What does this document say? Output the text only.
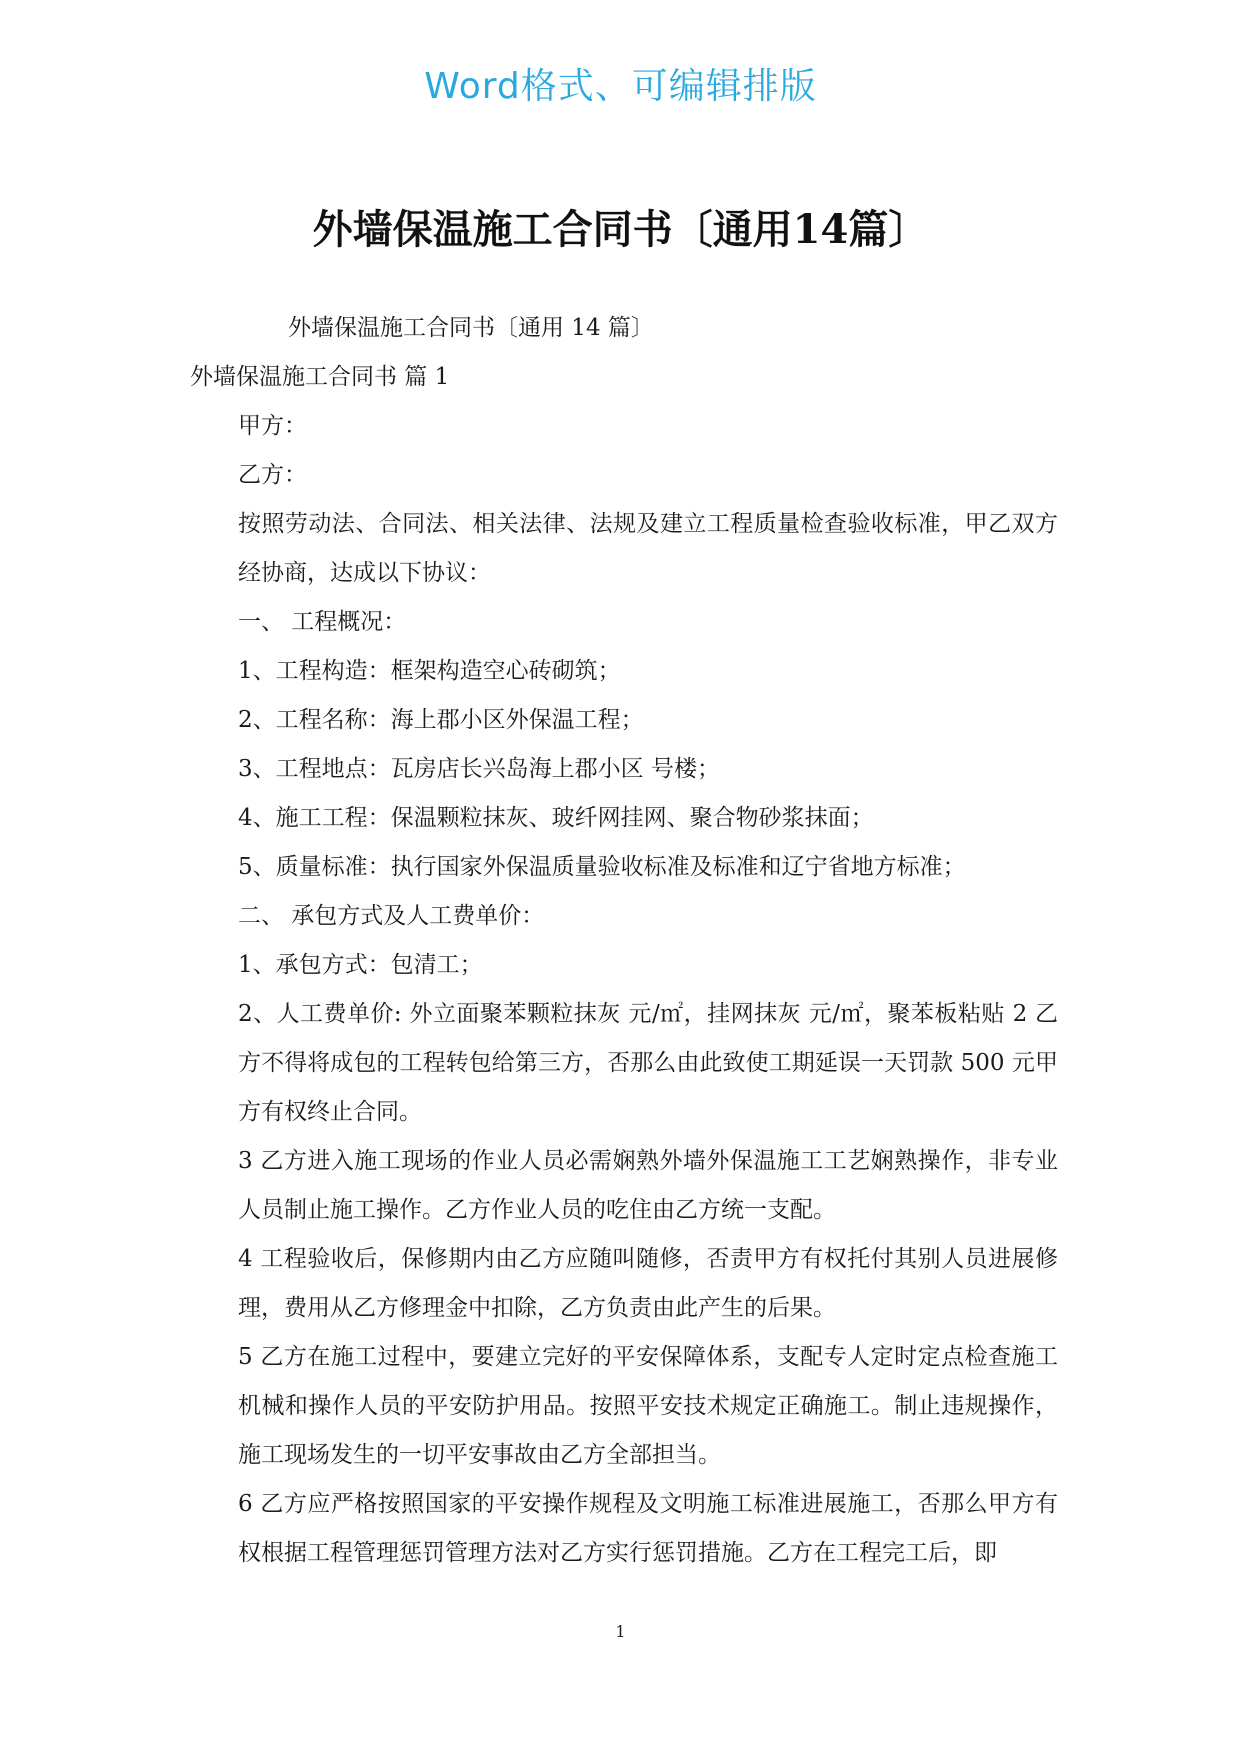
Word格式、可编辑排版
外墙保温施工合同书〔通用14篇〕

外墙保温施工合同书〔通用 14 篇〕

外墙保温施工合同书 篇 1

甲方：

乙方：

按照劳动法、合同法、相关法律、法规及建立工程质量检查验收标准，甲乙双方经协商，达成以下协议：

一、 工程概况：

1、工程构造：框架构造空心砖砌筑；

2、工程名称：海上郡小区外保温工程；

3、工程地点：瓦房店长兴岛海上郡小区 号楼；

4、施工工程：保温颗粒抹灰、玻纤网挂网、聚合物砂浆抹面；

5、质量标准：执行国家外保温质量验收标准及标准和辽宁省地方标准；

二、 承包方式及人工费单价：

1、承包方式：包清工；

2、人工费单价: 外立面聚苯颗粒抹灰 元/㎡，挂网抹灰 元/㎡，聚苯板粘贴 2 乙方不得将成包的工程转包给第三方，否那么由此致使工期延误一天罚款 500 元甲方有权终止合同。

3 乙方进入施工现场的作业人员必需娴熟外墙外保温施工工艺娴熟操作，非专业人员制止施工操作。乙方作业人员的吃住由乙方统一支配。

4 工程验收后，保修期内由乙方应随叫随修，否责甲方有权托付其别人员进展修理，费用从乙方修理金中扣除，乙方负责由此产生的后果。

5 乙方在施工过程中，要建立完好的平安保障体系，支配专人定时定点检查施工机械和操作人员的平安防护用品。按照平安技术规定正确施工。制止违规操作，施工现场发生的一切平安事故由乙方全部担当。

6 乙方应严格按照国家的平安操作规程及文明施工标准进展施工，否那么甲方有权根据工程管理惩罚管理方法对乙方实行惩罚措施。乙方在工程完工后，即

1
